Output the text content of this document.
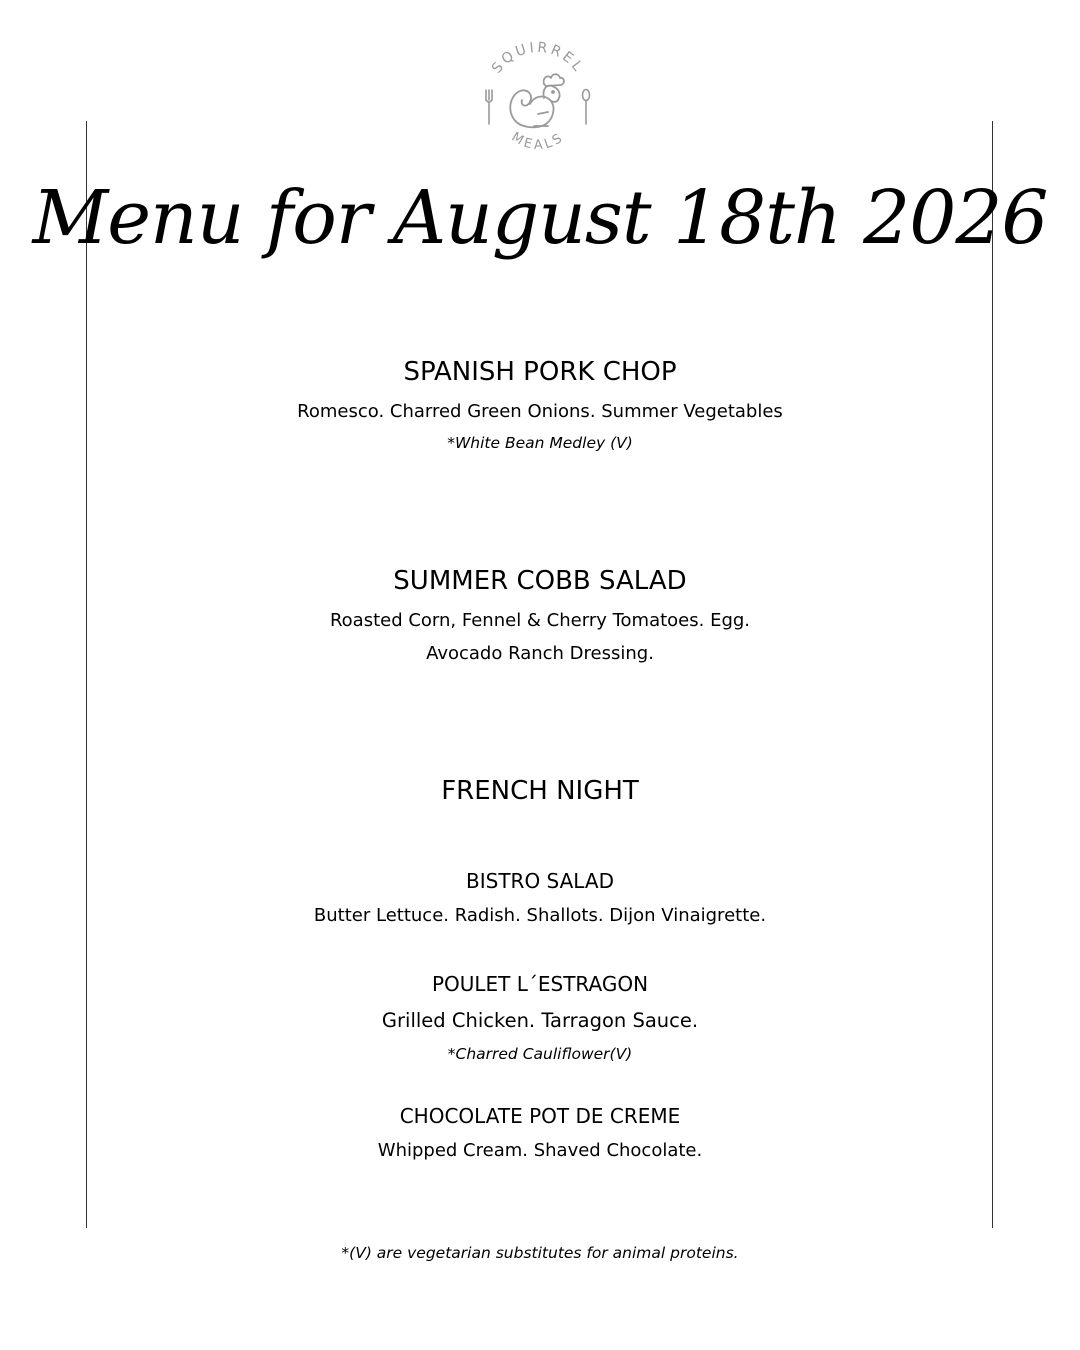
SQUIRREL
MEALS
Menu for August 18th 2026
SPANISH PORK CHOP
Romesco. Charred Green Onions. Summer Vegetables
*White Bean Medley (V)
SUMMER COBB SALAD
Roasted Corn, Fennel & Cherry Tomatoes. Egg.
Avocado Ranch Dressing.
FRENCH NIGHT
BISTRO SALAD
Butter Lettuce. Radish. Shallots. Dijon Vinaigrette.
POULET L´ESTRAGON
Grilled Chicken. Tarragon Sauce.
*Charred Cauliflower(V)
CHOCOLATE POT DE CREME
Whipped Cream. Shaved Chocolate.
*(V) are vegetarian substitutes for animal proteins.
